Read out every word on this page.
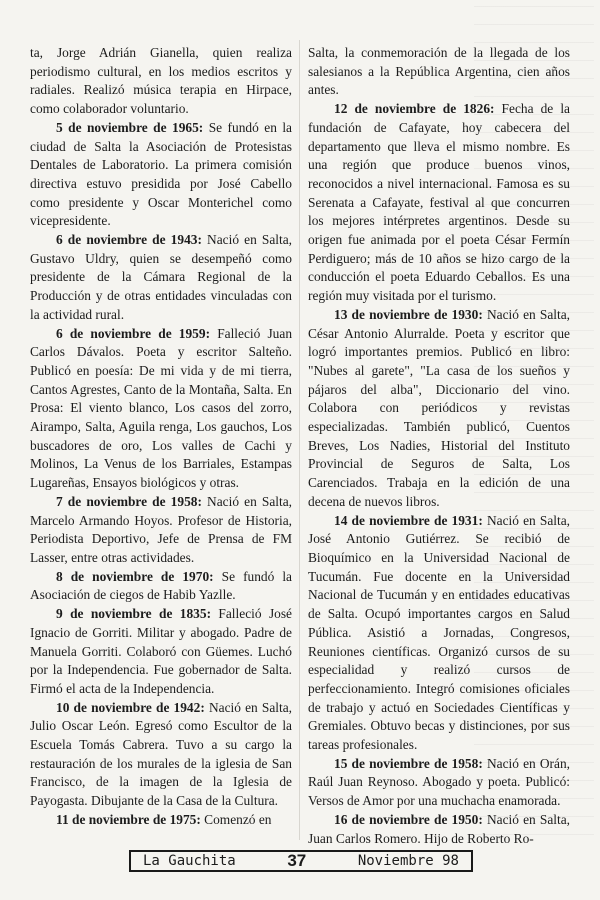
ta, Jorge Adrián Gianella, quien realiza periodismo cultural, en los medios escritos y radiales. Realizó música terapia en Hirpace, como colaborador voluntario.

5 de noviembre de 1965: Se fundó en la ciudad de Salta la Asociación de Protesistas Dentales de Laboratorio. La primera comisión directiva estuvo presidida por José Cabello como presidente y Oscar Monterichel como vicepresidente.

6 de noviembre de 1943: Nació en Salta, Gustavo Uldry, quien se desempeñó como presidente de la Cámara Regional de la Producción y de otras entidades vinculadas con la actividad rural.

6 de noviembre de 1959: Falleció Juan Carlos Dávalos. Poeta y escritor Salteño. Publicó en poesía: De mi vida y de mi tierra, Cantos Agrestes, Canto de la Montaña, Salta. En Prosa: El viento blanco, Los casos del zorro, Airampo, Salta, Aguila renga, Los gauchos, Los buscadores de oro, Los valles de Cachi y Molinos, La Venus de los Barriales, Estampas Lugareñas, Ensayos biológicos y otras.

7 de noviembre de 1958: Nació en Salta, Marcelo Armando Hoyos. Profesor de Historia, Periodista Deportivo, Jefe de Prensa de FM Lasser, entre otras actividades.

8 de noviembre de 1970: Se fundó la Asociación de ciegos de Habib Yazlle.

9 de noviembre de 1835: Falleció José Ignacio de Gorriti. Militar y abogado. Padre de Manuela Gorriti. Colaboró con Güemes. Luchó por la Independencia. Fue gobernador de Salta. Firmó el acta de la Independencia.

10 de noviembre de 1942: Nació en Salta, Julio Oscar León. Egresó como Escultor de la Escuela Tomás Cabrera. Tuvo a su cargo la restauración de los murales de la iglesia de San Francisco, de la imagen de la Iglesia de Payogasta. Dibujante de la Casa de la Cultura.

11 de noviembre de 1975: Comenzó en

Salta, la conmemoración de la llegada de los salesianos a la República Argentina, cien años antes.

12 de noviembre de 1826: Fecha de la fundación de Cafayate, hoy cabecera del departamento que lleva el mismo nombre. Es una región que produce buenos vinos, reconocidos a nivel internacional. Famosa es su Serenata a Cafayate, festival al que concurren los mejores intérpretes argentinos. Desde su origen fue animada por el poeta César Fermín Perdiguero; más de 10 años se hizo cargo de la conducción el poeta Eduardo Ceballos. Es una región muy visitada por el turismo.

13 de noviembre de 1930: Nació en Salta, César Antonio Alurralde. Poeta y escritor que logró importantes premios. Publicó en libro: "Nubes al garete", "La casa de los sueños y pájaros del alba", Diccionario del vino. Colabora con periódicos y revistas especializadas. También publicó, Cuentos Breves, Los Nadies, Historial del Instituto Provincial de Seguros de Salta, Los Carenciados. Trabaja en la edición de una decena de nuevos libros.

14 de noviembre de 1931: Nació en Salta, José Antonio Gutiérrez. Se recibió de Bioquímico en la Universidad Nacional de Tucumán. Fue docente en la Universidad Nacional de Tucumán y en entidades educativas de Salta. Ocupó importantes cargos en Salud Pública. Asistió a Jornadas, Congresos, Reuniones científicas. Organizó cursos de su especialidad y realizó cursos de perfeccionamiento. Integró comisiones oficiales de trabajo y actuó en Sociedades Científicas y Gremiales. Obtuvo becas y distinciones, por sus tareas profesionales.

15 de noviembre de 1958: Nació en Orán, Raúl Juan Reynoso. Abogado y poeta. Publicó: Versos de Amor por una muchacha enamorada.

16 de noviembre de 1950: Nació en Salta, Juan Carlos Romero. Hijo de Roberto Ro-

La Gauchita	37	Noviembre 98
